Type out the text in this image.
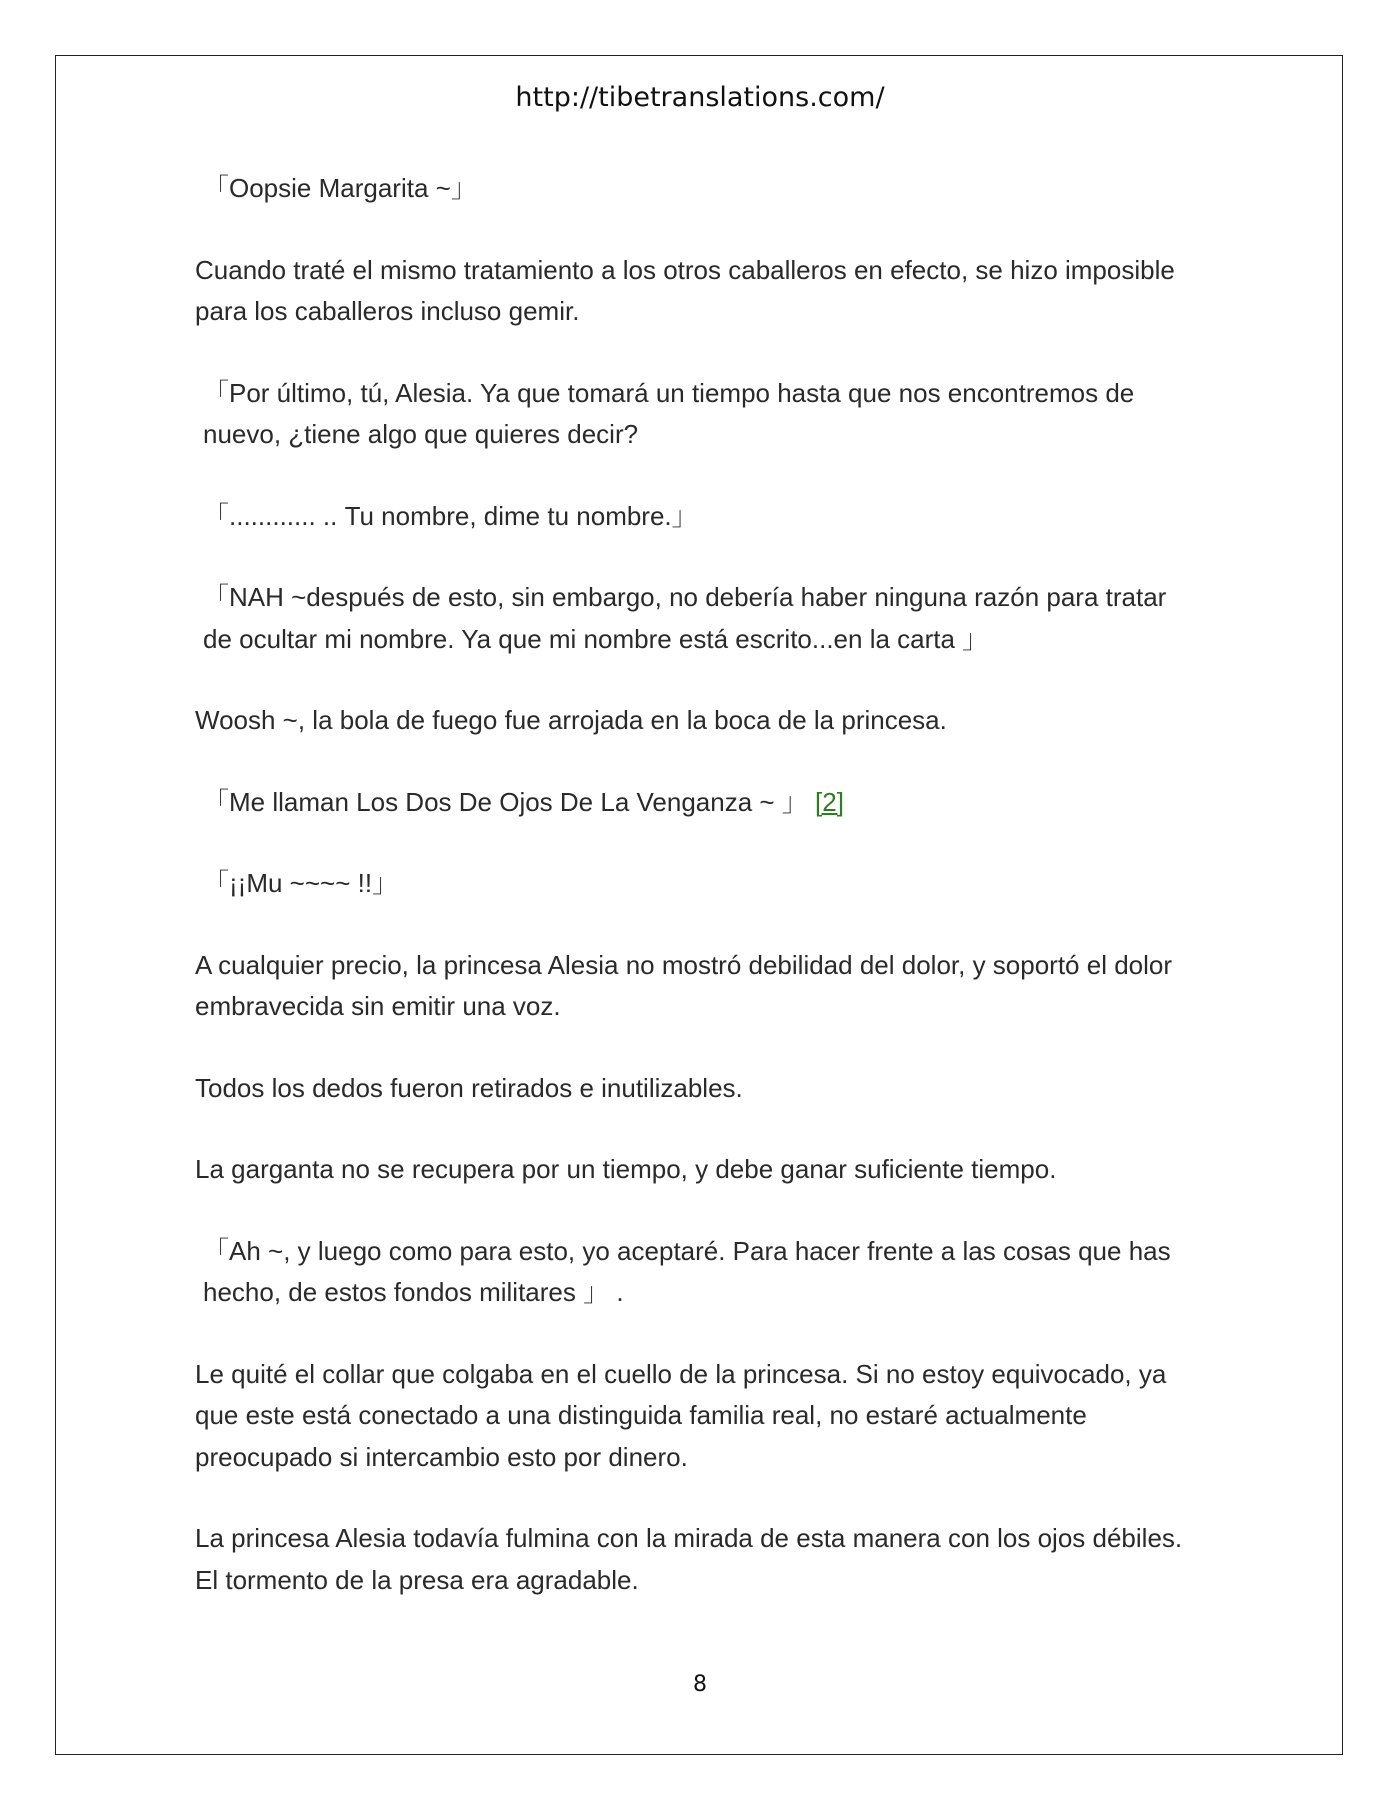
http://tibetranslations.com/

「Oopsie Margarita ~」

Cuando traté el mismo tratamiento a los otros caballeros en efecto, se hizo imposible para los caballeros incluso gemir.

「Por último, tú, Alesia. Ya que tomará un tiempo hasta que nos encontremos de nuevo, ¿tiene algo que quieres decir?

「............ .. Tu nombre, dime tu nombre.」

「NAH ~después de esto, sin embargo, no debería haber ninguna razón para tratar de ocultar mi nombre. Ya que mi nombre está escrito...en la carta 」

Woosh ~, la bola de fuego fue arrojada en la boca de la princesa.

「Me llaman Los Dos De Ojos De La Venganza ~ 」 [2]

「¡¡Mu ~~~~ !!」

A cualquier precio, la princesa Alesia no mostró debilidad del dolor, y soportó el dolor embravecida sin emitir una voz.

Todos los dedos fueron retirados e inutilizables.

La garganta no se recupera por un tiempo, y debe ganar suficiente tiempo.

「Ah ~, y luego como para esto, yo aceptaré. Para hacer frente a las cosas que has hecho, de estos fondos militares 」 .

Le quité el collar que colgaba en el cuello de la princesa. Si no estoy equivocado, ya que este está conectado a una distinguida familia real, no estaré actualmente preocupado si intercambio esto por dinero.

La princesa Alesia todavía fulmina con la mirada de esta manera con los ojos débiles. El tormento de la presa era agradable.

8
